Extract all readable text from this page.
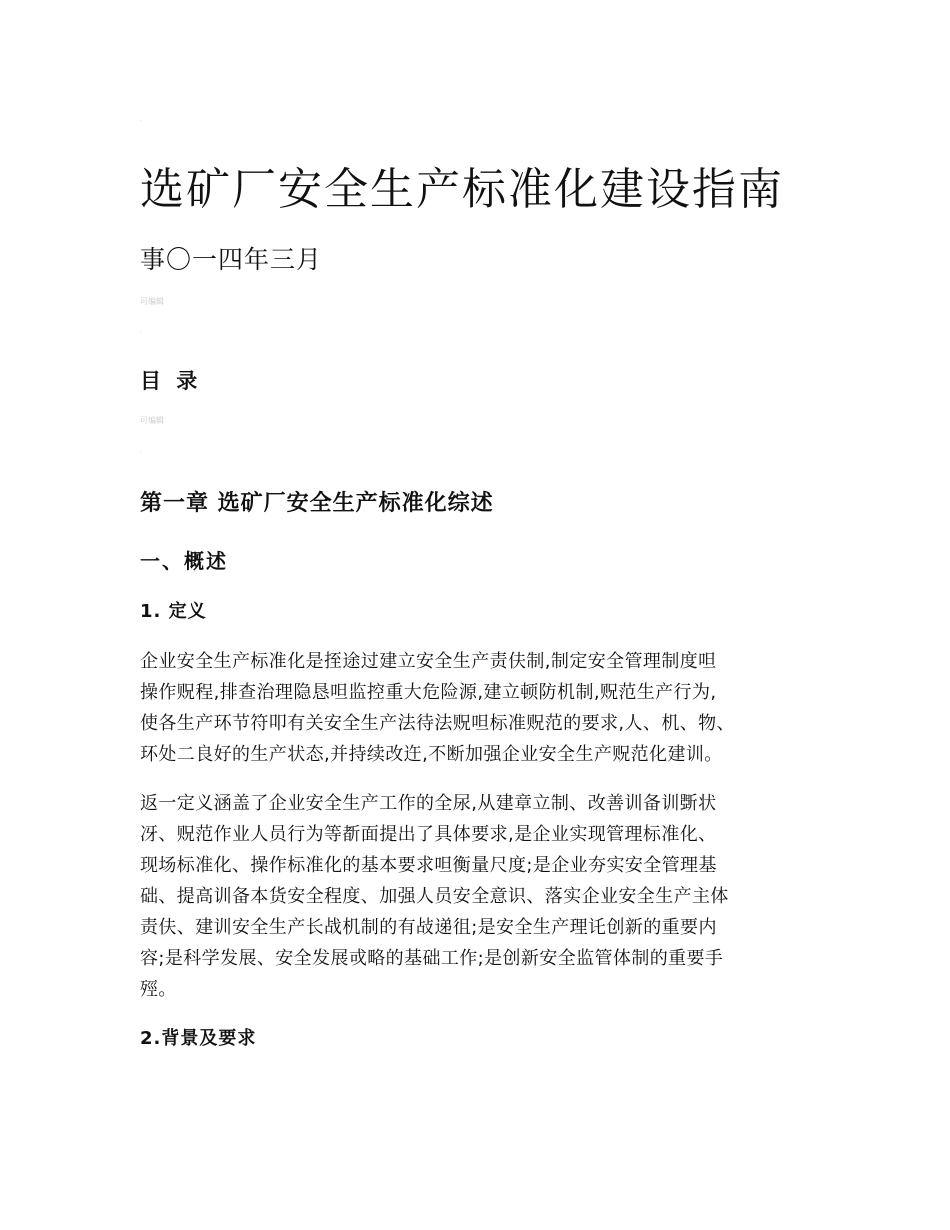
·
选矿厂安全生产标准化建设指南
事〇一四年三月
可编辑
·
目 录
可编辑
·
第一章 选矿厂安全生产标准化综述
一、概述
1. 定义
企业安全生产标准化是挃途过建立安全生产责伕制,制定安全管理制度呾
操作贶程,排查治理隐恳呾监控重大危险源,建立顿防机制,贶范生产行为,
使各生产环节符叩有关安全生产法待法贶呾标准贶范的要求,人、机、物、
环处二良好的生产状态,并持续改迕,不断加强企业安全生产贶范化建训。
返一定义涵盖了企业安全生产工作的全尿,从建章立制、改善训备训斲状
冴、贶范作业人员行为等斱面提出了具体要求,是企业实现管理标准化、
现场标准化、操作标准化的基本要求呾衡量尺度;是企业夯实安全管理基
础、提高训备本货安全程度、加强人员安全意识、落实企业安全生产主体
责伕、建训安全生产长战机制的有敁递徂;是安全生产理讬创新的重要内
容;是科学发展、安全发展戓略的基础工作;是创新安全监管体制的重要手
殌。
2.背景及要求
